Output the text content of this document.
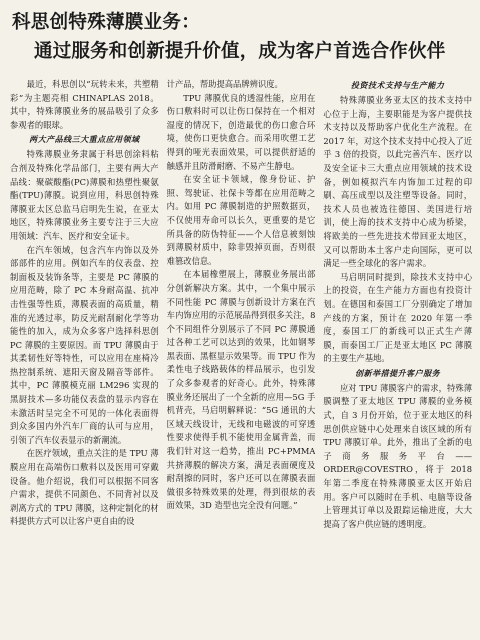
科思创特殊薄膜业务：
通过服务和创新提升价值，成为客户首选合作伙伴

最近，科思创以“玩转未来，共塑精彩”为主题亮相 CHINAPLAS 2018。其中，特殊薄膜业务的展品吸引了众多参观者的眼球。

两大产品线三大重点应用领域

特殊薄膜业务隶属于科思创涂料粘合剂及特殊化学品部门，主要有两大产品线：聚碳酸酯(PC)薄膜和热塑性聚氨酯(TPU)薄膜。说到应用，科思创特殊薄膜亚太区总监马启明先生说，在亚太地区，特殊薄膜业务主要专注于三大应用领域：汽车、医疗和安全证卡。

在汽车领域，包含汽车内饰以及外部部件的应用。例如汽车的仪表盘、控制面板及装饰条等，主要是 PC 薄膜的应用范畴，除了 PC 本身耐高温、抗冲击性强等性质，薄膜表面的高质量，精准的光透过率，防反光耐刮耐化学等功能性的加入，成为众多客户选择科思创 PC 薄膜的主要原因。而 TPU 薄膜由于其柔韧性好等特性，可以应用在座椅冷热控制系统、遮阳天窗及隔音等部件。其中，PC 薄膜模克丽 LM296 实现的黑厨技术—多功能仪表盘的显示内容在未激活时呈完全不可见的一体化表面得到众多国内外汽车厂商的认可与应用，引领了汽车仪表显示的新潮流。

在医疗领域，重点关注的是 TPU 薄膜应用在高端伤口敷料以及医用可穿戴设备。他介绍说，我们可以根据不同客户需求，提供不同颜色、不同背衬以及剥离方式的 TPU 薄膜，这种定制化的材料提供方式可以让客户更自由的设

计产品，帮助提高品牌辨识度。

TPU 薄膜优良的透湿性能，应用在伤口敷料时可以让伤口保持在一个相对湿度的情况下，创造最优的伤口愈合环境，使伤口更快愈合。而采用吹塑工艺得到的哑光表面效果，可以提供舒适的触感并且防滑耐磨、不易产生静电。

在安全证卡领域，像身份证、护照、驾驶证、社保卡等都在应用范畴之内。如用 PC 薄膜制造的护照数据页，不仅使用寿命可以长久，更重要的是它所具备的防伪特征——个人信息被刻蚀到薄膜材质中，除非毁掉页面，否则很难篡改信息。

在本届橡塑展上，薄膜业务展出部分创新解决方案。其中，一个集中展示不同性能 PC 薄膜与创新设计方案在汽车内饰应用的示范展品得到很多关注，8 个不同组件分别展示了不同 PC 薄膜通过各种工艺可以达到的效果，比如钢琴黑表面、黑框显示效果等。而 TPU 作为柔性电子线路载体的样品展示，也引发了众多参观者的好奇心。此外，特殊薄膜业务还展出了一个全新的应用—5G 手机背壳，马启明解释说：“5G 通讯的大区域天线设计，无线和电磁波的可穿透性要求使得手机不能使用金属背盖，而我们针对这一趋势，推出 PC+PMMA 共挤薄膜的解决方案，满足表面硬度及耐刮擦的同时，客户还可以在薄膜表面做很多特殊效果的处理，得到很炫的表面效果，3D 造型也完全没有问题。”

投资技术支持与生产能力

特殊薄膜业务亚太区的技术支持中心位于上海，主要职能是为客户提供技术支持以及帮助客户优化生产流程。在 2017 年，对这个技术支持中心投入了近乎 3 倍的投资，以此完善汽车、医疗以及安全证卡三大重点应用领域的技术设备，例如模拟汽车内饰加工过程的印刷、高压成型以及注塑等设备。同时，技术人员也被选往德国、美国进行培训，使上海的技术支持中心成为桥梁，将欧美的一些先进技术带回亚太地区，又可以帮助本土客户走向国际，更可以满足一些全球化的客户需求。

马启明同时提到，除技术支持中心上的投资，在生产能力方面也有投资计划。在德国和泰国工厂分别确定了增加产线的方案，预计在 2020 年第一季度，泰国工厂的新线可以正式生产薄膜，而泰国工厂正是亚太地区 PC 薄膜的主要生产基地。

创新举措提升客户服务

应对 TPU 薄膜客户的需求，特殊薄膜调整了亚太地区 TPU 薄膜的业务模式，自 3 月份开始，位于亚太地区的科思创供应链中心处理来自该区域的所有 TPU 薄膜订单。此外，推出了全新的电子商务服务平台——ORDER@COVESTRO，将于 2018 年第二季度在特殊薄膜亚太区开始启用。客户可以随时在手机、电脑等设备上管理其订单以及跟踪运输进度，大大提高了客户供应链的透明度。
